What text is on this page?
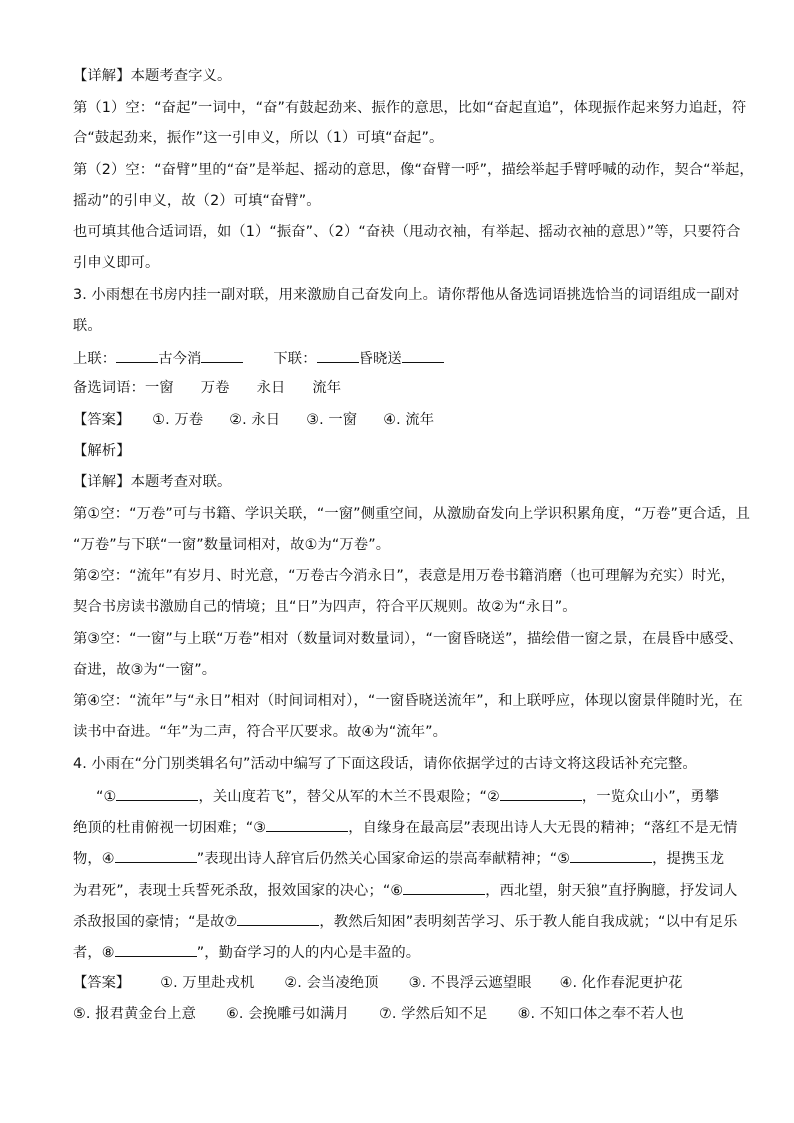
【详解】本题考查字义。
第（1）空：“奋起”一词中，“奋”有鼓起劲来、振作的意思，比如“奋起直追”，体现振作起来努力追赶，符
合“鼓起劲来，振作”这一引申义，所以（1）可填“奋起”。
第（2）空：“奋臂”里的“奋”是举起、摇动的意思，像“奋臂一呼”，描绘举起手臂呼喊的动作，契合“举起，
摇动”的引申义，故（2）可填“奋臂”。
也可填其他合适词语，如（1）“振奋”、（2）“奋袂（甩动衣袖，有举起、摇动衣袖的意思）”等，只要符合
引申义即可。
3. 小雨想在书房内挂一副对联，用来激励自己奋发向上。请你帮他从备选词语挑选恰当的词语组成一副对
联。
上联：	古今消	下联：	昏晓送
备选词语：一窗 万卷 永日 流年
【答案】 ①. 万卷 ②. 永日 ③. 一窗 ④. 流年
【解析】
【详解】本题考查对联。
第①空：“万卷”可与书籍、学识关联，“一窗”侧重空间，从激励奋发向上学识积累角度，“万卷”更合适，且
“万卷”与下联“一窗”数量词相对，故①为“万卷”。
第②空：“流年”有岁月、时光意，“万卷古今消永日”，表意是用万卷书籍消磨（也可理解为充实）时光，
契合书房读书激励自己的情境；且“日”为四声，符合平仄规则。故②为“永日”。
第③空：“一窗”与上联“万卷”相对（数量词对数量词），“一窗昏晓送”，描绘借一窗之景，在晨昏中感受、
奋进，故③为“一窗”。
第④空：“流年”与“永日”相对（时间词相对），“一窗昏晓送流年”，和上联呼应，体现以窗景伴随时光，在
读书中奋进。“年”为二声，符合平仄要求。故④为“流年”。
4. 小雨在“分门别类辑名句”活动中编写了下面这段话，请你依据学过的古诗文将这段话补充完整。
“①	，关山度若飞”，替父从军的木兰不畏艰险；“②	，一览众山小”，勇攀
绝顶的杜甫俯视一切困难；“③	，自缘身在最高层”表现出诗人大无畏的精神；“落红不是无情
物，④	”表现出诗人辞官后仍然关心国家命运的崇高奉献精神；“⑤	，提携玉龙
为君死”，表现士兵誓死杀敌，报效国家的决心；“⑥	，西北望，射天狼”直抒胸臆，抒发词人
杀敌报国的豪情；“是故⑦	，教然后知困”表明刻苦学习、乐于教人能自我成就；“以中有足乐
者，⑧	”，勤奋学习的人的内心是丰盈的。
【答案】 ①. 万里赴戎机 ②. 会当凌绝顶 ③. 不畏浮云遮望眼 ④. 化作春泥更护花
⑤. 报君黄金台上意 ⑥. 会挽雕弓如满月 ⑦. 学然后知不足 ⑧. 不知口体之奉不若人也
